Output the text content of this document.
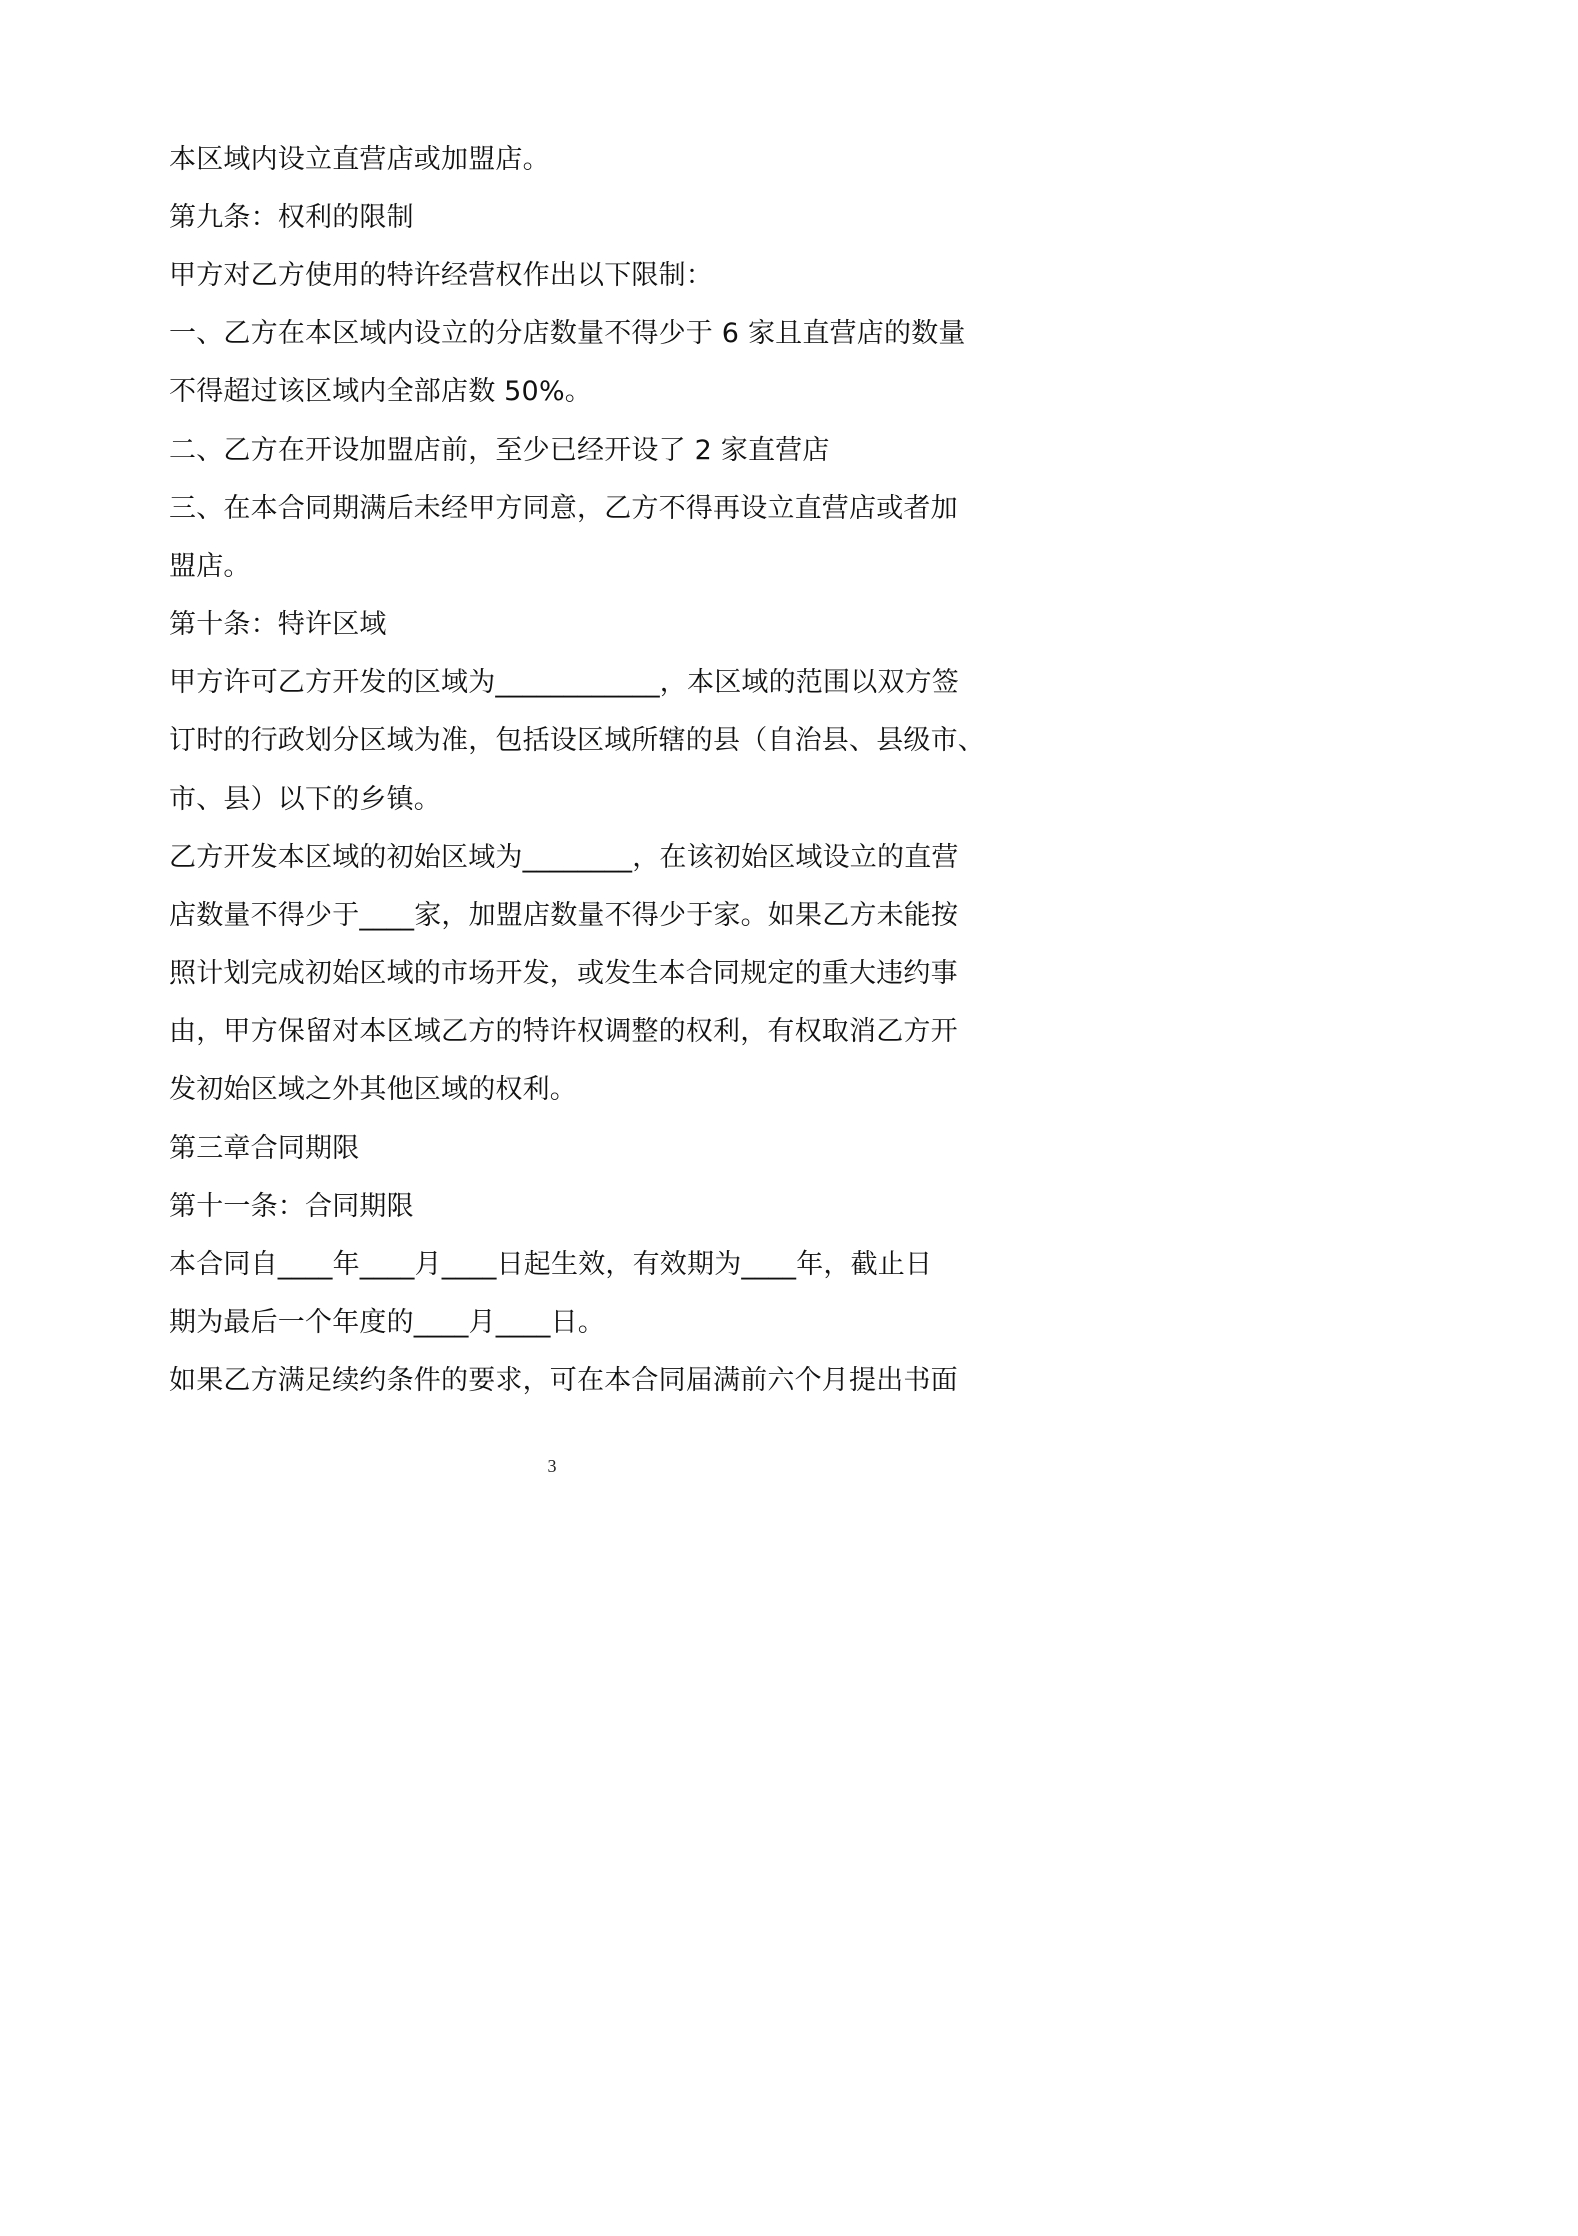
本区域内设立直营店或加盟店。
第九条：权利的限制
甲方对乙方使用的特许经营权作出以下限制：
一、乙方在本区域内设立的分店数量不得少于 6 家且直营店的数量
不得超过该区域内全部店数 50%。
二、乙方在开设加盟店前，至少已经开设了 2 家直营店
三、在本合同期满后未经甲方同意，乙方不得再设立直营店或者加
盟店。
第十条：特许区域
甲方许可乙方开发的区域为____________，本区域的范围以双方签
订时的行政划分区域为准，包括设区域所辖的县（自治县、县级市、
市、县）以下的乡镇。
乙方开发本区域的初始区域为________，在该初始区域设立的直营
店数量不得少于____家，加盟店数量不得少于家。如果乙方未能按
照计划完成初始区域的市场开发，或发生本合同规定的重大违约事
由，甲方保留对本区域乙方的特许权调整的权利，有权取消乙方开
发初始区域之外其他区域的权利。
第三章合同期限
第十一条：合同期限
本合同自____年____月____日起生效，有效期为____年，截止日
期为最后一个年度的____月____日。
如果乙方满足续约条件的要求，可在本合同届满前六个月提出书面
3
